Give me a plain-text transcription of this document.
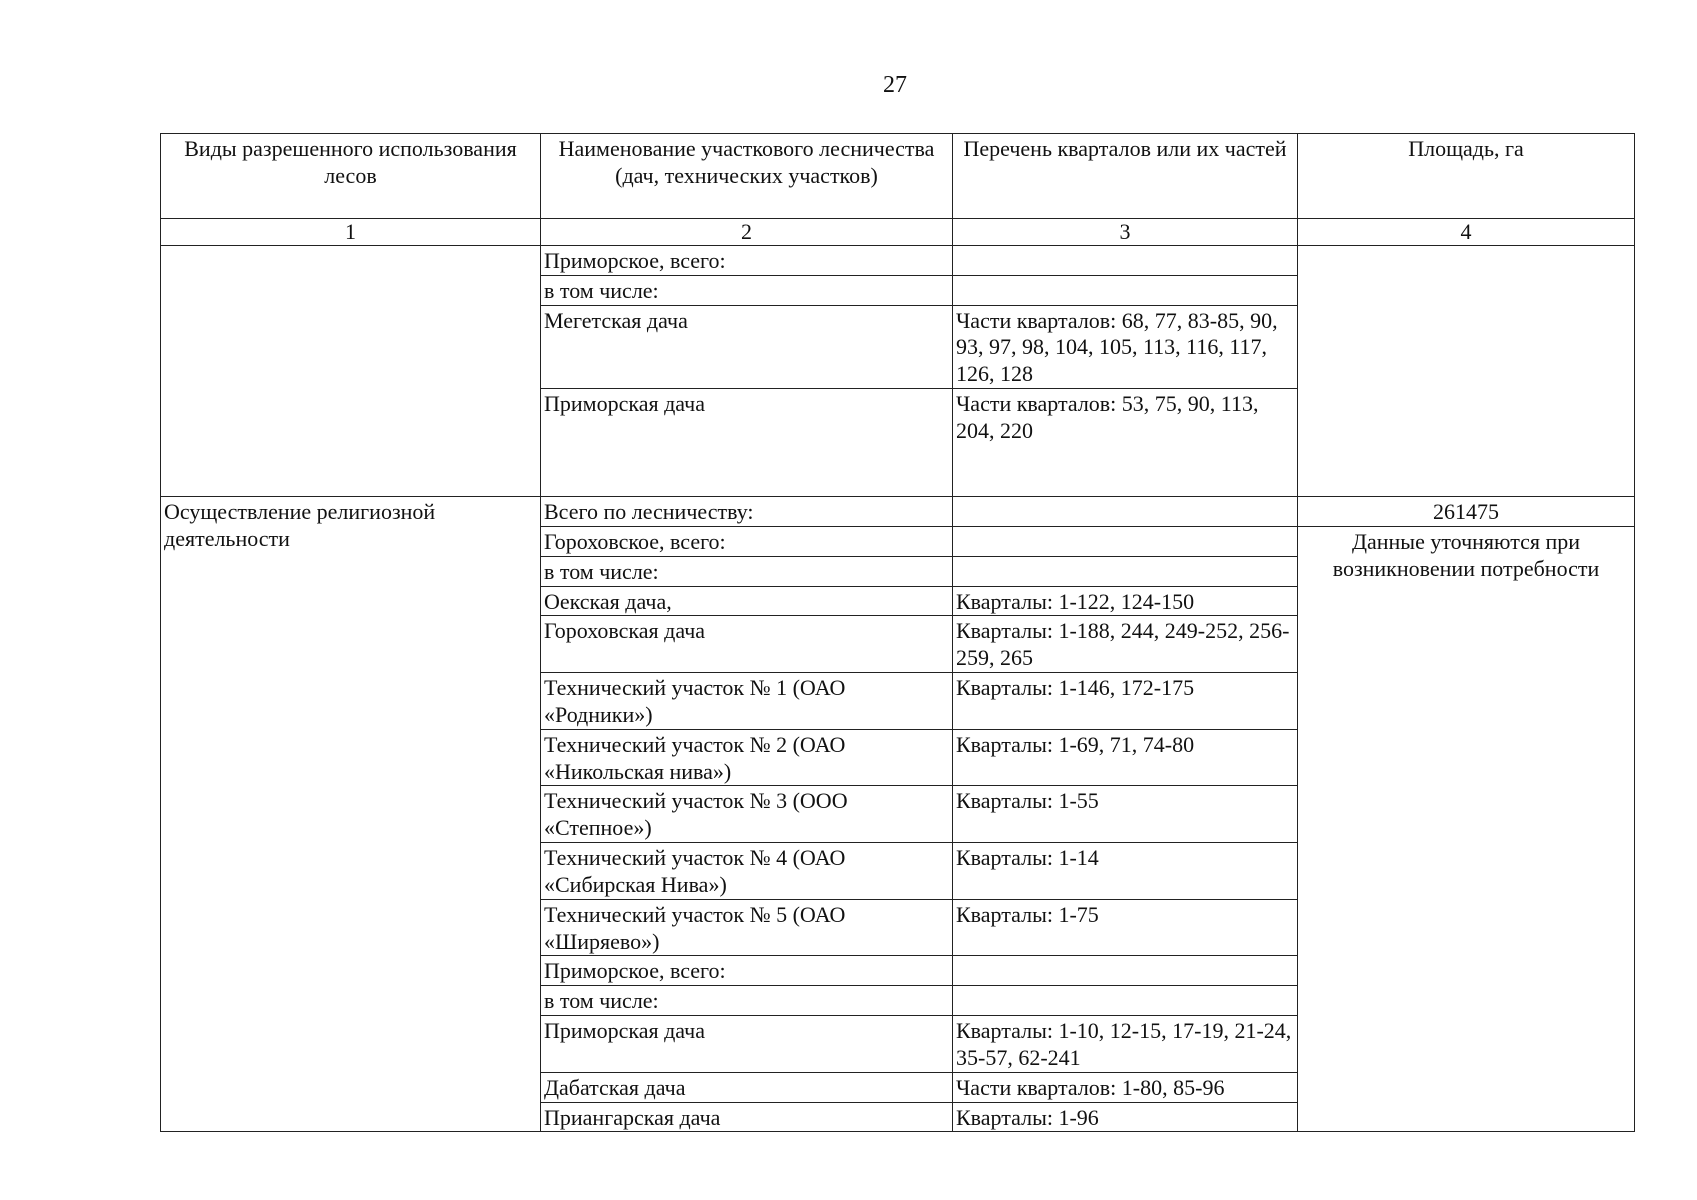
27
Виды разрешенного использования лесов	Наименование участкового лесничества (дач, технических участков)	Перечень кварталов или их частей	Площадь, га
1	2	3	4
	Приморское, всего:		
	в том числе:		
	Мегетская дача	Части кварталов: 68, 77, 83-85, 90, 93, 97, 98, 104, 105, 113, 116, 117, 126, 128	
	Приморская дача	Части кварталов: 53, 75, 90, 113, 204, 220	
Осуществление религиозной деятельности	Всего по лесничеству:		261475
	Гороховское, всего:		Данные уточняются при возникновении потребности
	в том числе:		
	Оекская дача,	Кварталы: 1-122, 124-150	
	Гороховская дача	Кварталы: 1-188, 244, 249-252, 256-259, 265	
	Технический участок № 1 (ОАО «Родники»)	Кварталы: 1-146, 172-175	
	Технический участок № 2 (ОАО «Никольская нива»)	Кварталы: 1-69, 71, 74-80	
	Технический участок № 3 (ООО «Степное»)	Кварталы: 1-55	
	Технический участок № 4 (ОАО «Сибирская Нива»)	Кварталы: 1-14	
	Технический участок № 5 (ОАО «Ширяево»)	Кварталы: 1-75	
	Приморское, всего:		
	в том числе:		
	Приморская дача	Кварталы: 1-10, 12-15, 17-19, 21-24, 35-57, 62-241	
	Дабатская дача	Части кварталов: 1-80, 85-96	
	Приангарская дача	Кварталы: 1-96	
